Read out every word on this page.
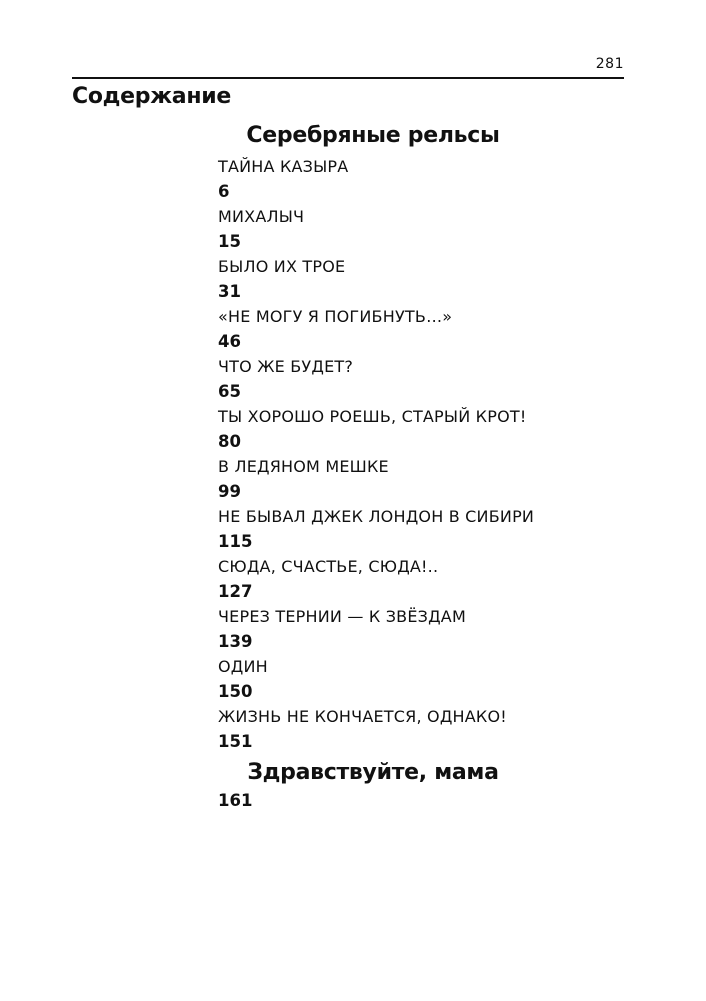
281
Содержание
Серебряные рельсы
ТАЙНА КАЗЫРА
6
МИХАЛЫЧ
15
БЫЛО ИХ ТРОЕ
31
«НЕ МОГУ Я ПОГИБНУТЬ…»
46
ЧТО ЖЕ БУДЕТ?
65
ТЫ ХОРОШО РОЕШЬ, СТАРЫЙ КРОТ!
80
В ЛЕДЯНОМ МЕШКЕ
99
НЕ БЫВАЛ ДЖЕК ЛОНДОН В СИБИРИ
115
СЮДА, СЧАСТЬЕ, СЮДА!..
127
ЧЕРЕЗ ТЕРНИИ — К ЗВЁЗДАМ
139
ОДИН
150
ЖИЗНЬ НЕ КОНЧАЕТСЯ, ОДНАКО!
151
Здравствуйте, мама
161
